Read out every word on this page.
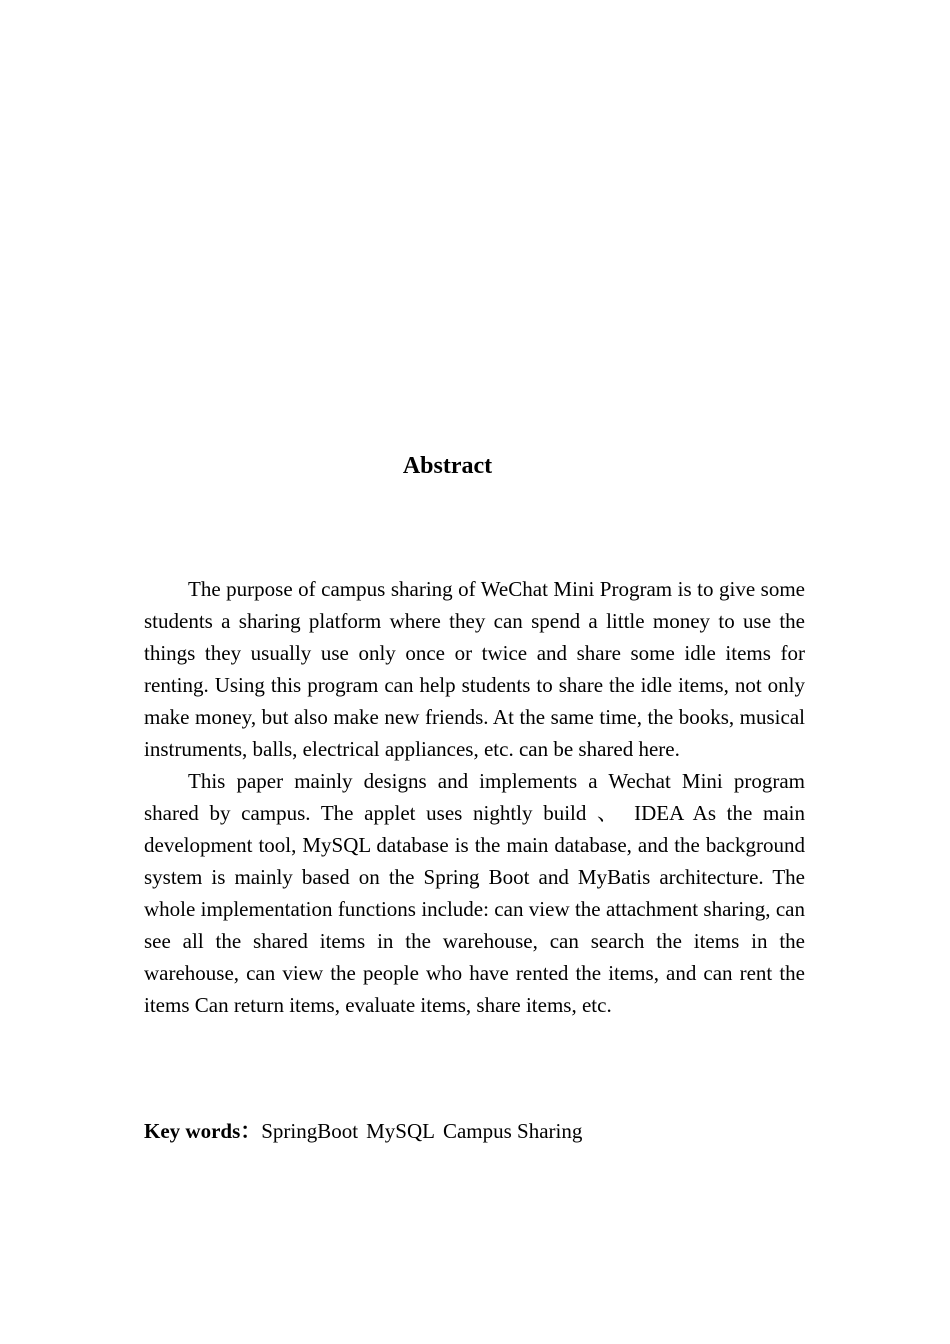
Abstract

The purpose of campus sharing of WeChat Mini Program is to give some students a sharing platform where they can spend a little money to use the things they usually use only once or twice and share some idle items for renting. Using this program can help students to share the idle items, not only make money, but also make new friends. At the same time, the books, musical instruments, balls, electrical appliances, etc. can be shared here.

This paper mainly designs and implements a Wechat Mini program shared by campus. The applet uses nightly build 、 IDEA As the main development tool, MySQL database is the main database, and the background system is mainly based on the Spring Boot and MyBatis architecture. The whole implementation functions include: can view the attachment sharing, can see all the shared items in the warehouse, can search the items in the warehouse, can view the people who have rented the items, and can rent the items Can return items, evaluate items, share items, etc.

Key words：SpringBoot MySQL Campus Sharing
